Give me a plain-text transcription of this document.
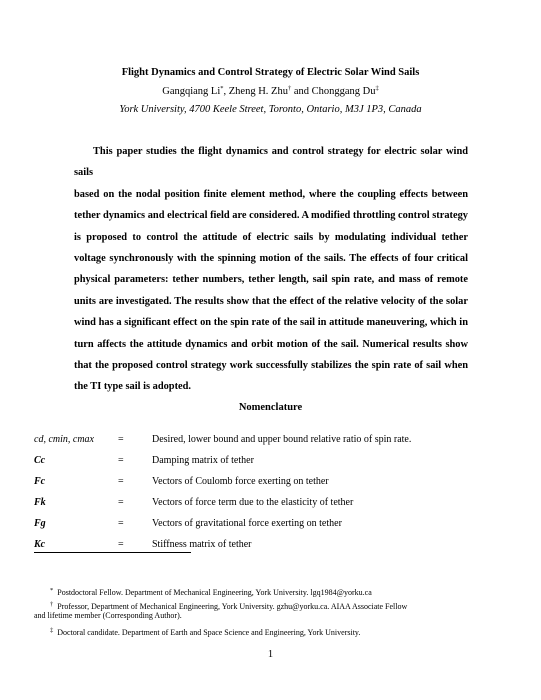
Flight Dynamics and Control Strategy of Electric Solar Wind Sails
Gangqiang Li*, Zheng H. Zhu† and Chonggang Du‡
York University, 4700 Keele Street, Toronto, Ontario, M3J 1P3, Canada
This paper studies the flight dynamics and control strategy for electric solar wind sails
based on the nodal position finite element method, where the coupling effects between tether dynamics and electrical field are considered. A modified throttling control strategy is proposed to control the attitude of electric sails by modulating individual tether voltage synchronously with the spinning motion of the sails. The effects of four critical physical parameters: tether numbers, tether length, sail spin rate, and mass of remote units are investigated. The results show that the effect of the relative velocity of the solar wind has a significant effect on the spin rate of the sail in attitude maneuvering, which in turn affects the attitude dynamics and orbit motion of the sail. Numerical results show that the proposed control strategy work successfully stabilizes the spin rate of sail when the TI type sail is adopted.
Nomenclature
cd, cmin, cmax	=	Desired, lower bound and upper bound relative ratio of spin rate.
Cc	=	Damping matrix of tether
Fc	=	Vectors of Coulomb force exerting on tether
Fk	=	Vectors of force term due to the elasticity of tether
Fg	=	Vectors of gravitational force exerting on tether
Kc	=	Stiffness matrix of tether
* Postdoctoral Fellow. Department of Mechanical Engineering, York University. lgq1984@yorku.ca
† Professor, Department of Mechanical Engineering, York University. gzhu@yorku.ca. AIAA Associate Fellow
and lifetime member (Corresponding Author).
‡ Doctoral candidate. Department of Earth and Space Science and Engineering, York University.
1
